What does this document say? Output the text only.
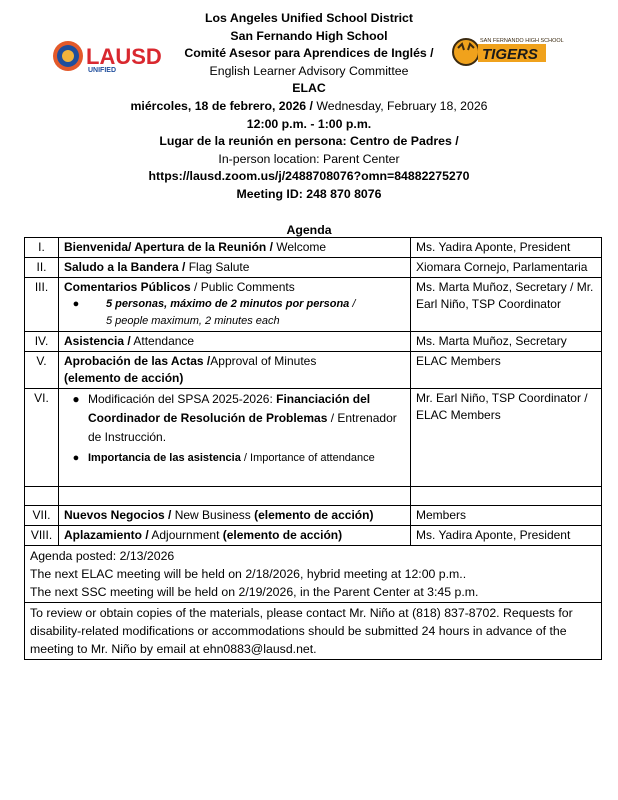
LAUSD
UNIFIED
SAN FERNANDO HIGH SCHOOL
TIGERS
Los Angeles Unified School District
San Fernando High School
Comité Asesor para Aprendices de Inglés /
English Learner Advisory Committee
ELAC
miércoles, 18 de febrero, 2026 / Wednesday, February 18, 2026
12:00 p.m. - 1:00 p.m.
Lugar de la reunión en persona: Centro de Padres /
In-person location: Parent Center
https://lausd.zoom.us/j/2488708076?omn=84882275270
Meeting ID: 248 870 8076
Agenda
I.	Bienvenida/ Apertura de la Reunión / Welcome	Ms. Yadira Aponte, President
II.	Saludo a la Bandera / Flag Salute	Xiomara Cornejo, Parlamentaria
III.	Comentarios Públicos / Public Comments
● 5 personas, máximo de 2 minutos por persona /
5 people maximum, 2 minutes each	Ms. Marta Muñoz, Secretary / Mr. Earl Niño, TSP Coordinator
IV.	Asistencia / Attendance	Ms. Marta Muñoz, Secretary
V.	Aprobación de las Actas /Approval of Minutes
(elemento de acción)	ELAC Members
VI.	● Modificación del SPSA 2025-2026: Financiación del Coordinador de Resolución de Problemas / Entrenador de Instrucción.
● Importancia de las asistencia / Importance of attendance	Mr. Earl Niño, TSP Coordinator / ELAC Members

VII.	Nuevos Negocios / New Business (elemento de acción)	Members
VIII.	Aplazamiento / Adjournment (elemento de acción)	Ms. Yadira Aponte, President

Agenda posted: 2/13/2026
The next ELAC meeting will be held on 2/18/2026, hybrid meeting at 12:00 p.m..
The next SSC meeting will be held on 2/19/2026, in the Parent Center at 3:45 p.m.		

To review or obtain copies of the materials, please contact Mr. Niño at (818) 837-8702. Requests for disability-related modifications or accommodations should be submitted 24 hours in advance of the meeting to Mr. Niño by email at ehn0883@lausd.net.		
